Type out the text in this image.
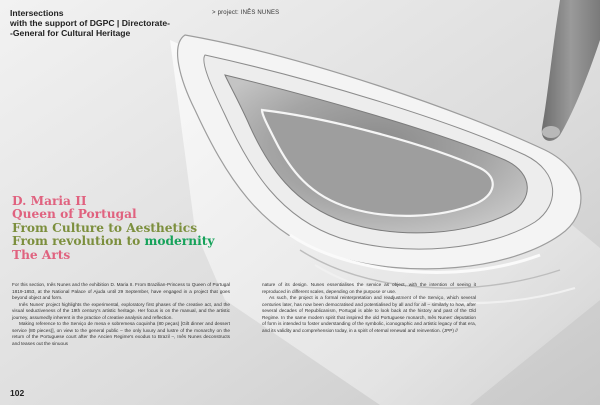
Intersections
with the support of DGPC | Directorate-
-General for Cultural Heritage
> project: INÊS NUNES
D. Maria II
Queen of Portugal
From Culture to Aesthetics
From revolution to modernity
The Arts

For this section, Inês Nunes and the exhibition D. Maria II. From Brazilian-Princess to Queen of Portugal 1819-1853, at the National Palace of Ajuda until 29 September, have engaged in a project that goes beyond object and form.

Inês Nunes' project highlights the experimental, exploratory first phases of the creative act, and the visual seductiveness of the 19th century's artistic heritage. Her focus is on the manual, and the artistic journey, assumedly inherent in the practice of creative analysis and reflection.

Making reference to the Serviço de mesa e sobremesa coquinha (80 peças) [Gilt dinner and dessert service (80 pieces)], on view to the general public – the only luxury and lustre of the monarchy on the return of the Portuguese court after the Ancien Regime's exodus to Brazil –, Inês Nunes deconstructs and teases out the sinuous

nature of its design. Nunes essentialises the service as object, with the intention of seeing it reproduced in different scales, depending on the purpose or use.

As such, the project is a formal reinterpretation and readjustment of the Serviço, which several centuries later, has now been democratised and potentialised by all and for all – similarly to how, after several decades of Republicanism, Portugal is able to look back at the history and past of the Old Regime. In the same modern spirit that inspired the old Portuguese monarch, Inês Nunes' deputation of form is intended to foster understanding of the symbolic, iconographic and artistic legacy of that era, and its validity and comprehension today, in a spirit of eternal renewal and reinvention. (JPP) //

102
